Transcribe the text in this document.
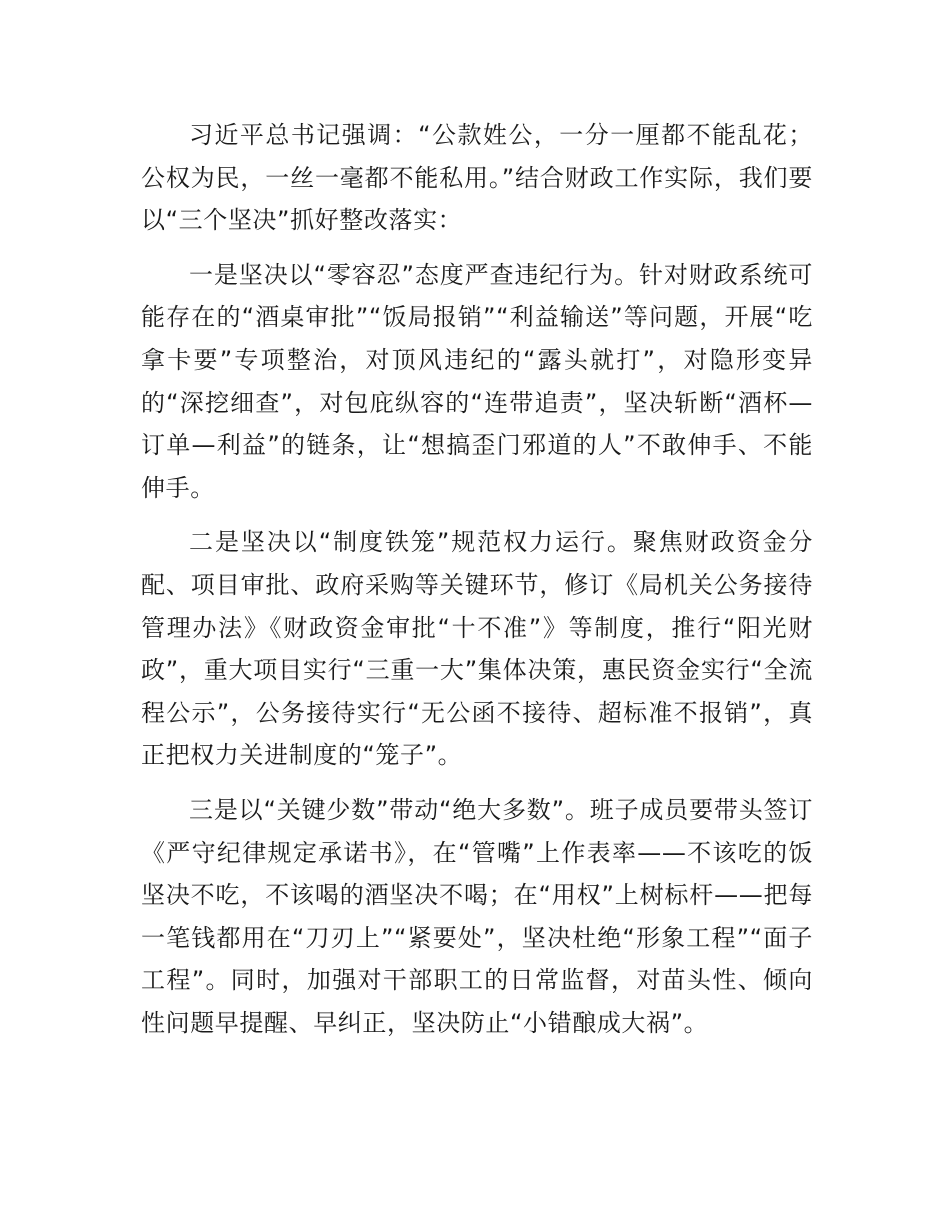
习近平总书记强调：“公款姓公，一分一厘都不能乱花；公权为民，一丝一毫都不能私用。”结合财政工作实际，我们要以“三个坚决”抓好整改落实：

一是坚决以“零容忍”态度严查违纪行为。针对财政系统可能存在的“酒桌审批”“饭局报销”“利益输送”等问题，开展“吃拿卡要”专项整治，对顶风违纪的“露头就打”，对隐形变异的“深挖细查”，对包庇纵容的“连带追责”，坚决斩断“酒杯—订单—利益”的链条，让“想搞歪门邪道的人”不敢伸手、不能伸手。

二是坚决以“制度铁笼”规范权力运行。聚焦财政资金分配、项目审批、政府采购等关键环节，修订《局机关公务接待管理办法》《财政资金审批“十不准”》等制度，推行“阳光财政”，重大项目实行“三重一大”集体决策，惠民资金实行“全流程公示”，公务接待实行“无公函不接待、超标准不报销”，真正把权力关进制度的“笼子”。

三是以“关键少数”带动“绝大多数”。班子成员要带头签订《严守纪律规定承诺书》，在“管嘴”上作表率——不该吃的饭坚决不吃，不该喝的酒坚决不喝；在“用权”上树标杆——把每一笔钱都用在“刀刃上”“紧要处”，坚决杜绝“形象工程”“面子工程”。同时，加强对干部职工的日常监督，对苗头性、倾向性问题早提醒、早纠正，坚决防止“小错酿成大祸”。
